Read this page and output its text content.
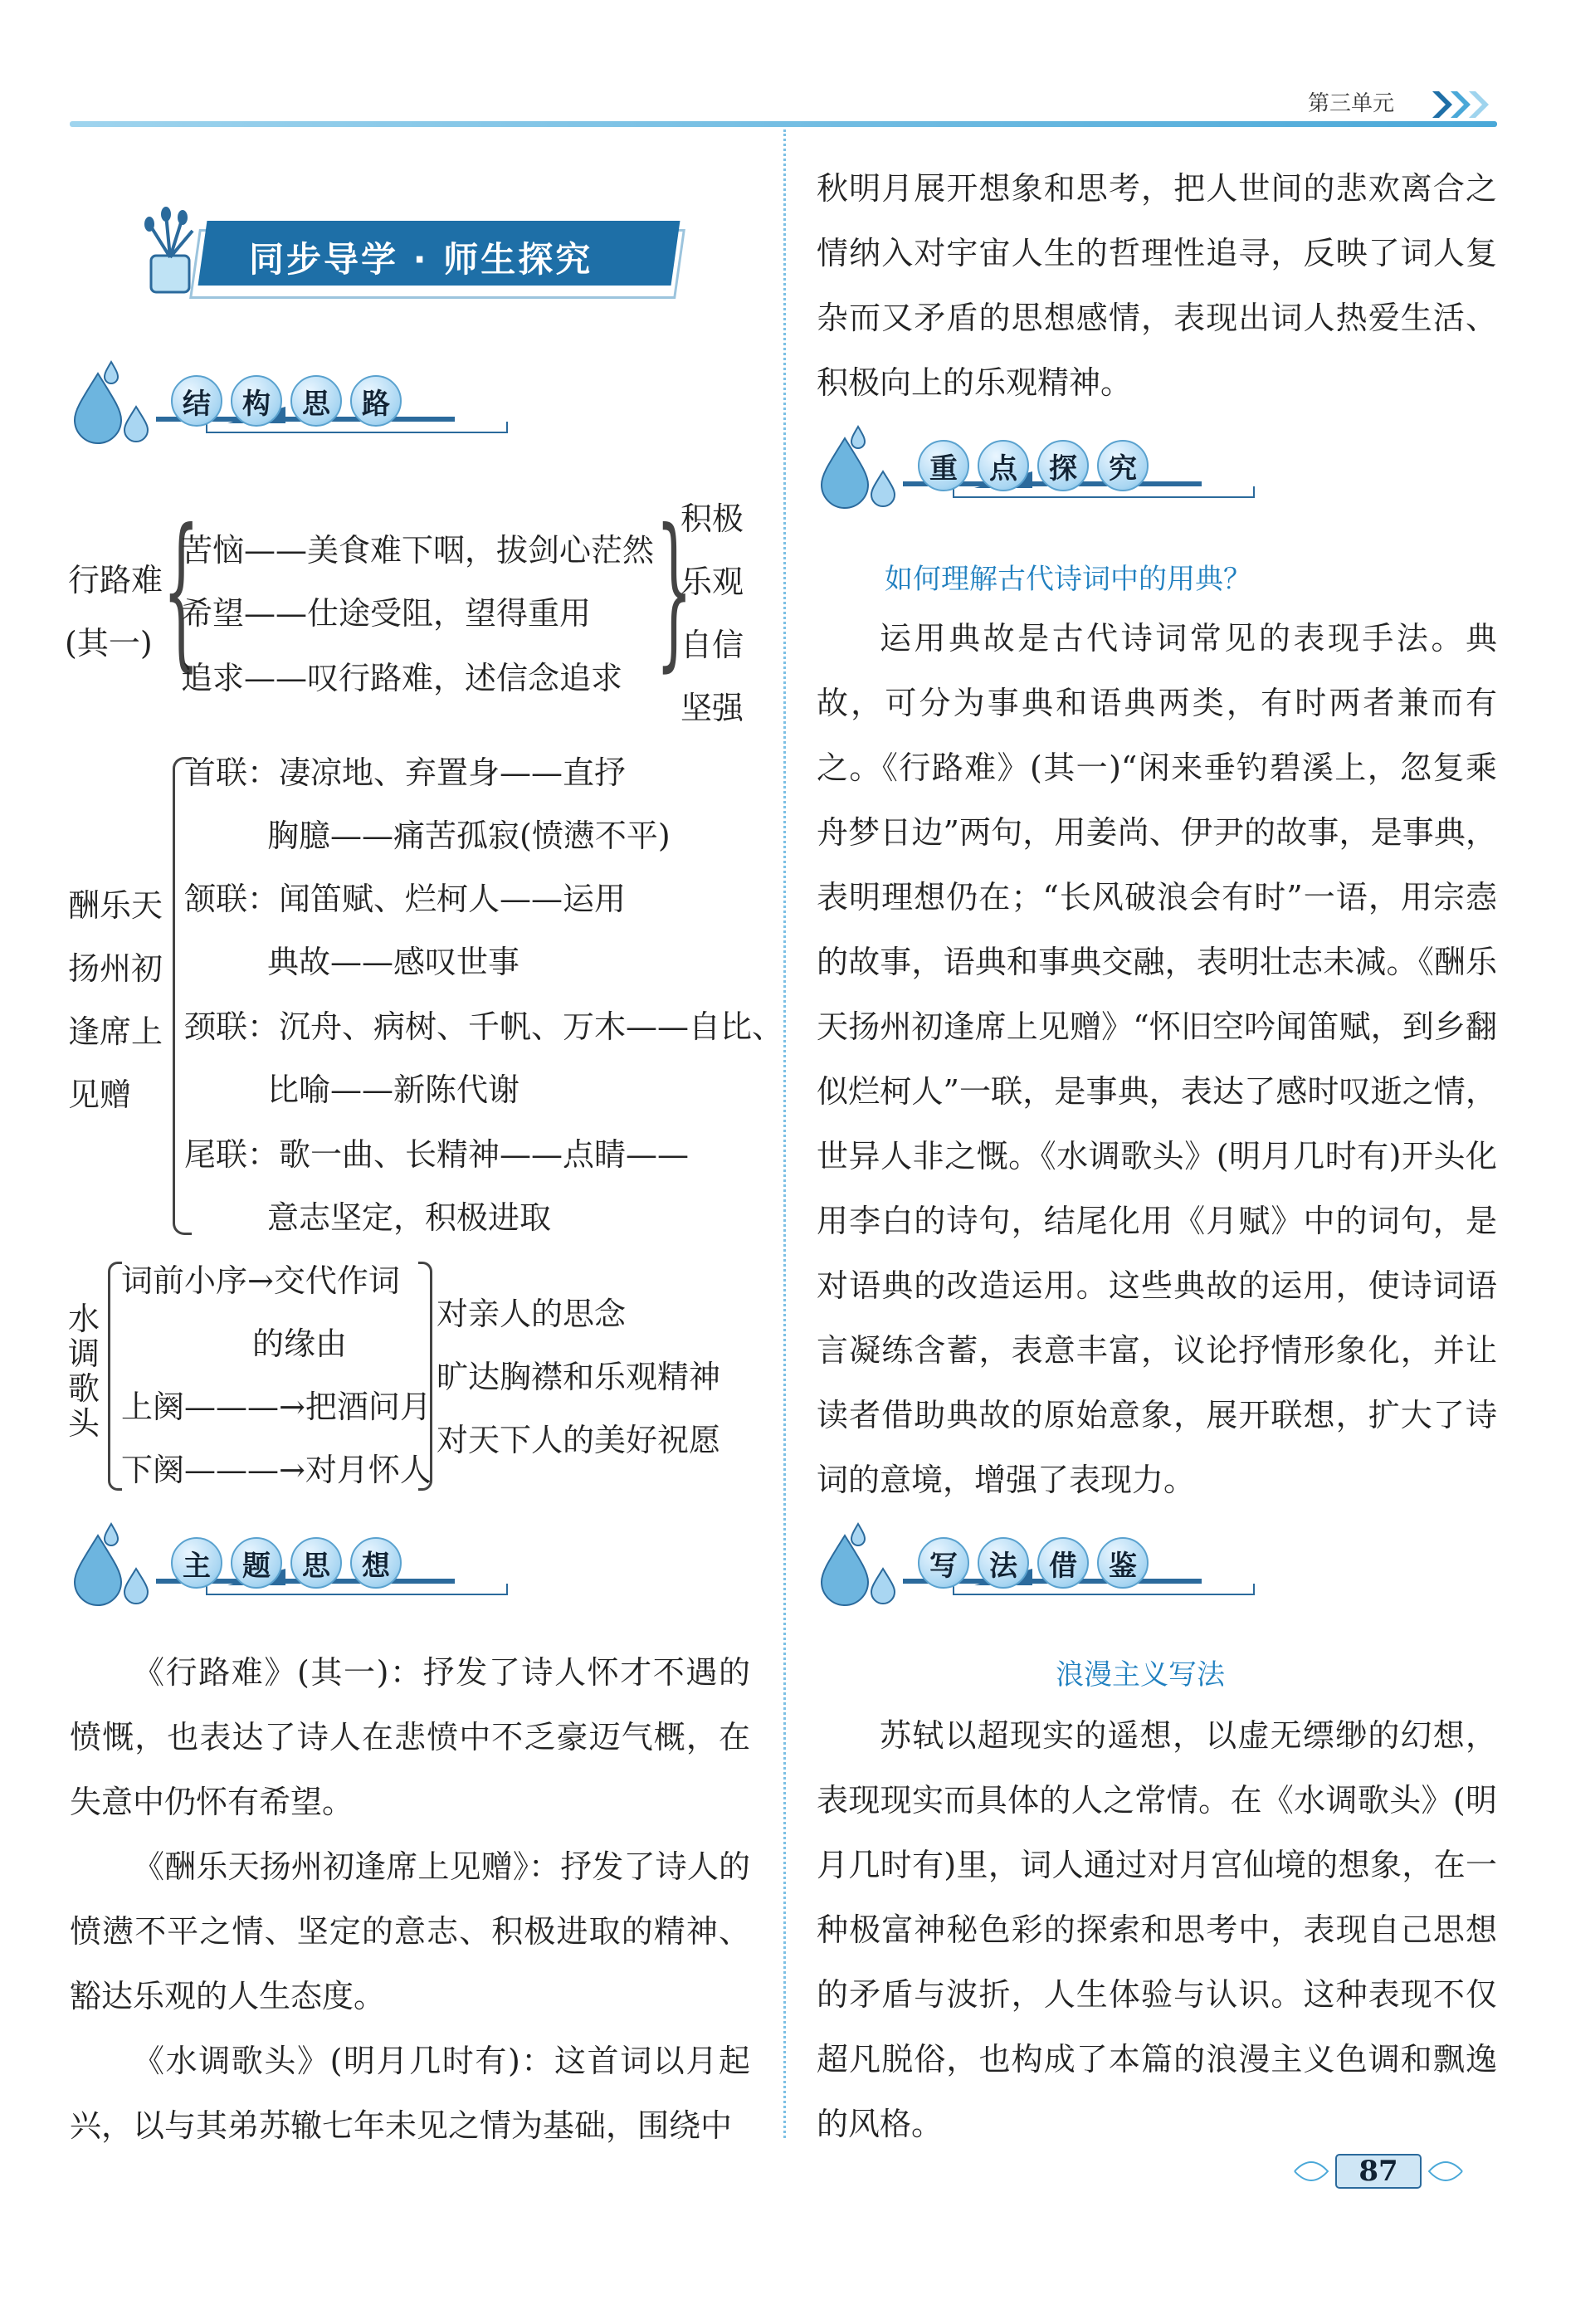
第三单元
同步导学 · 师生探究
结	构	思	路
行路难
(其一) {
苦恼——美食难下咽，拔剑心茫然
希望——仕途受阻，望得重用
追求——叹行路难，述信念追求 }
积极
乐观
自信
坚强
酬乐天
扬州初
逢席上
见赠
首联：凄凉地、弃置身——直抒
胸臆——痛苦孤寂(愤懑不平)
颔联：闻笛赋、烂柯人——运用
典故——感叹世事
颈联：沉舟、病树、千帆、万木——自比、
比喻——新陈代谢
尾联：歌一曲、长精神——点睛——
意志坚定，积极进取
水
调
歌
头
词前小序→交代作词
的缘由
上阕———→把酒问月
下阕———→对月怀人
对亲人的思念
旷达胸襟和乐观精神
对天下人的美好祝愿
主	题	思	想

《行路难》(其一)：抒发了诗人怀才不遇的愤慨，也表达了诗人在悲愤中不乏豪迈气概，在失意中仍怀有希望。

《酬乐天扬州初逢席上见赠》：抒发了诗人的愤懑不平之情、坚定的意志、积极进取的精神、豁达乐观的人生态度。

《水调歌头》(明月几时有)：这首词以月起兴，以与其弟苏辙七年未见之情为基础，围绕中

秋明月展开想象和思考，把人世间的悲欢离合之情纳入对宇宙人生的哲理性追寻，反映了词人复杂而又矛盾的思想感情，表现出词人热爱生活、积极向上的乐观精神。

重	点	探	究
如何理解古代诗词中的用典？

运用典故是古代诗词常见的表现手法。典故，可分为事典和语典两类，有时两者兼而有之。《行路难》(其一)“闲来垂钓碧溪上，忽复乘舟梦日边”两句，用姜尚、伊尹的故事，是事典，表明理想仍在；“长风破浪会有时”一语，用宗悫的故事，语典和事典交融，表明壮志未减。《酬乐天扬州初逢席上见赠》“怀旧空吟闻笛赋，到乡翻似烂柯人”一联，是事典，表达了感时叹逝之情，世异人非之慨。《水调歌头》(明月几时有)开头化用李白的诗句，结尾化用《月赋》中的词句，是对语典的改造运用。这些典故的运用，使诗词语言凝练含蓄，表意丰富，议论抒情形象化，并让读者借助典故的原始意象，展开联想，扩大了诗词的意境，增强了表现力。

写	法	借	鉴
浪漫主义写法

苏轼以超现实的遥想，以虚无缥缈的幻想，表现现实而具体的人之常情。在《水调歌头》(明月几时有)里，词人通过对月宫仙境的想象，在一种极富神秘色彩的探索和思考中，表现自己思想的矛盾与波折，人生体验与认识。这种表现不仅超凡脱俗，也构成了本篇的浪漫主义色调和飘逸的风格。

87
